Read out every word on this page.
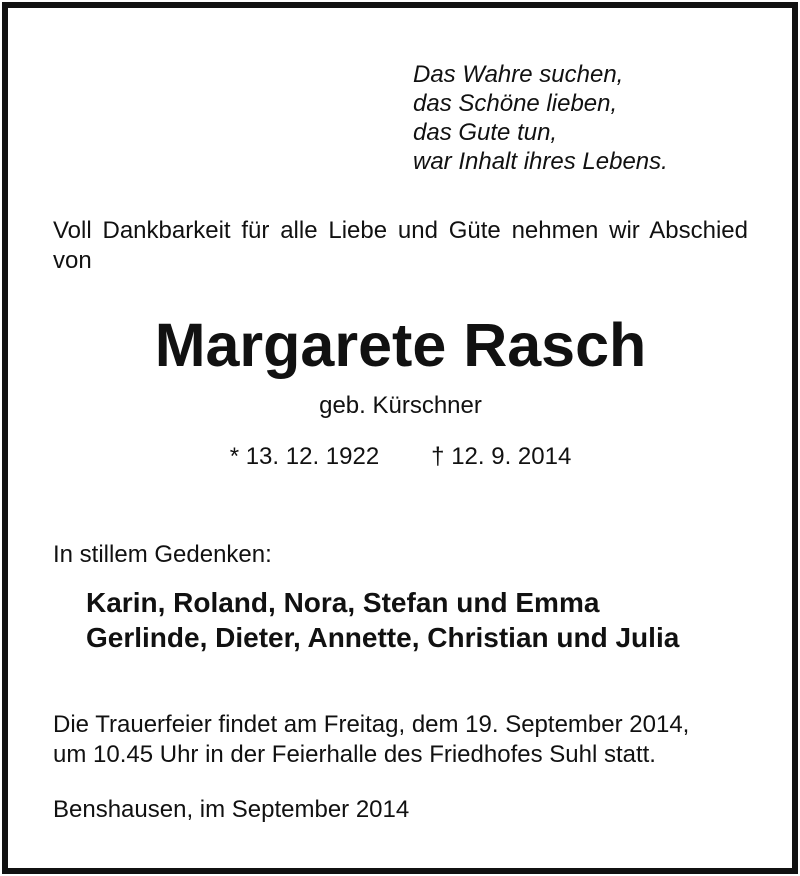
Das Wahre suchen,
das Schöne lieben,
das Gute tun,
war Inhalt ihres Lebens.
Voll Dankbarkeit für alle Liebe und Güte nehmen wir Abschied von
Margarete Rasch
geb. Kürschner
* 13. 12. 1922 † 12. 9. 2014
In stillem Gedenken:
Karin, Roland, Nora, Stefan und Emma
Gerlinde, Dieter, Annette, Christian und Julia
Die Trauerfeier findet am Freitag, dem 19. September 2014,
um 10.45 Uhr in der Feierhalle des Friedhofes Suhl statt.
Benshausen, im September 2014
